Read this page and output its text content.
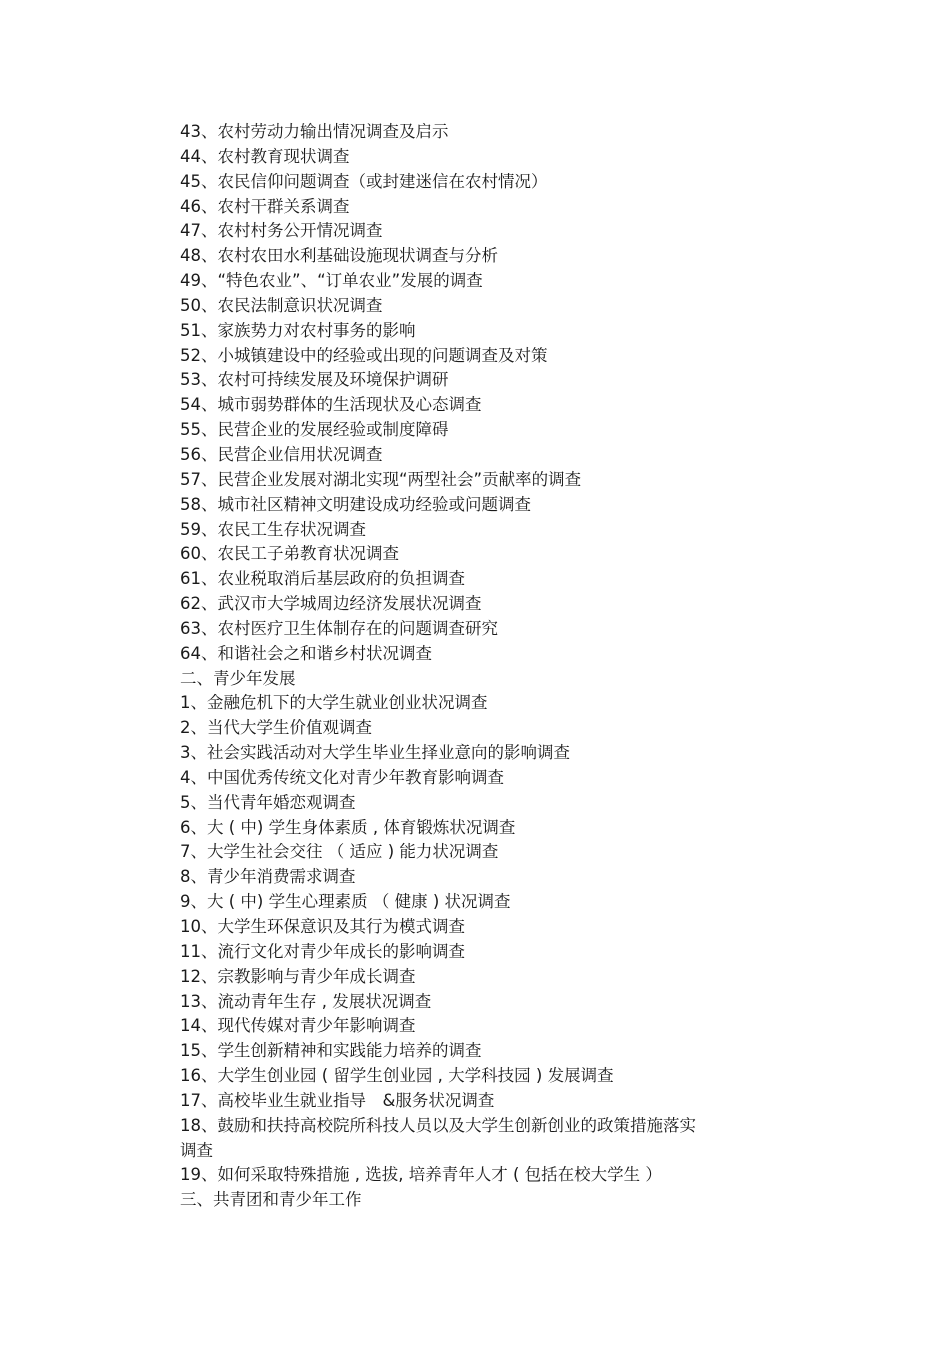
43、农村劳动力输出情况调查及启示
44、农村教育现状调查
45、农民信仰问题调查（或封建迷信在农村情况）
46、农村干群关系调查
47、农村村务公开情况调查
48、农村农田水利基础设施现状调查与分析
49、“特色农业”、“订单农业”发展的调查
50、农民法制意识状况调查
51、家族势力对农村事务的影响
52、小城镇建设中的经验或出现的问题调查及对策
53、农村可持续发展及环境保护调研
54、城市弱势群体的生活现状及心态调查
55、民营企业的发展经验或制度障碍
56、民营企业信用状况调查
57、民营企业发展对湖北实现“两型社会”贡献率的调查
58、城市社区精神文明建设成功经验或问题调查
59、农民工生存状况调查
60、农民工子弟教育状况调查
61、农业税取消后基层政府的负担调查
62、武汉市大学城周边经济发展状况调查
63、农村医疗卫生体制存在的问题调查研究
64、和谐社会之和谐乡村状况调查
二、青少年发展
1、金融危机下的大学生就业创业状况调查
2、当代大学生价值观调查
3、社会实践活动对大学生毕业生择业意向的影响调查
4、中国优秀传统文化对青少年教育影响调查
5、当代青年婚恋观调查
6、大 ( 中) 学生身体素质 , 体育锻炼状况调查
7、大学生社会交往 （ 适应 ) 能力状况调查
8、青少年消费需求调查
9、大 ( 中) 学生心理素质 （ 健康 ) 状况调查
10、大学生环保意识及其行为模式调查
11、流行文化对青少年成长的影响调查
12、宗教影响与青少年成长调查
13、流动青年生存 , 发展状况调查
14、现代传媒对青少年影响调查
15、学生创新精神和实践能力培养的调查
16、大学生创业园 ( 留学生创业园 , 大学科技园 ) 发展调查
17、高校毕业生就业指导　&服务状况调查
18、鼓励和扶持高校院所科技人员以及大学生创新创业的政策措施落实
调查
19、如何采取特殊措施 , 选拔, 培养青年人才 ( 包括在校大学生 ）
三、共青团和青少年工作
